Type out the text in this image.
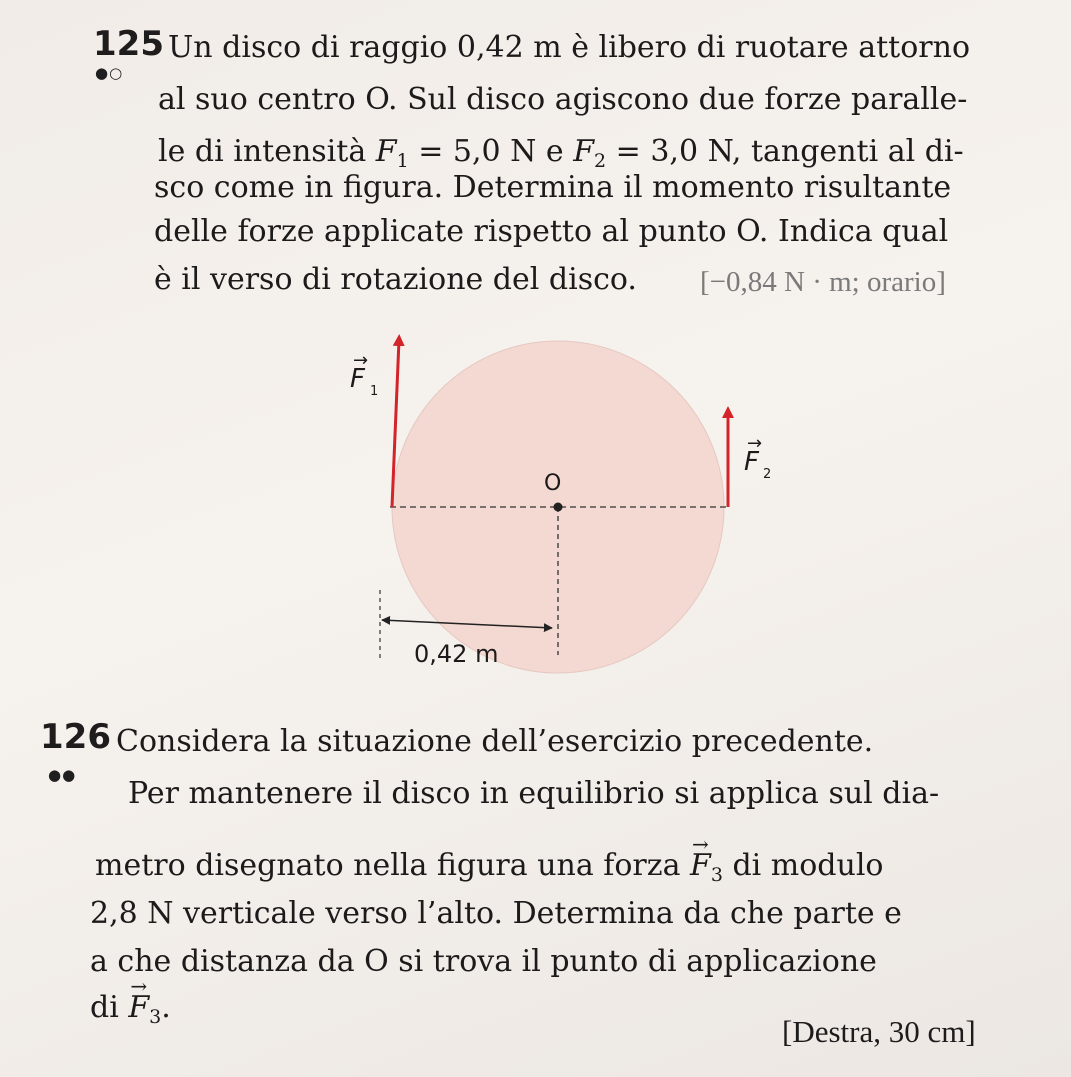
125
●○
Un disco di raggio 0,42 m è libero di ruotare attorno
al suo centro O. Sul disco agiscono due forze paralle-
le di intensità $F_1 = 5,0$ N e $F_2 = 3,0$ N, tangenti al di-
sco come in figura. Determina il momento risultante
delle forze applicate rispetto al punto O. Indica qual
è il verso di rotazione del disco. [−0,84 N · m; orario]
F
→
1
F
→
2
O
0,42 m
126
●●
Considera la situazione dell’esercizio precedente.
Per mantenere il disco in equilibrio si applica sul dia-
metro disegnato nella figura una forza → $F_3$ di modulo
2,8 N verticale verso l’alto. Determina da che parte e
a che distanza da O si trova il punto di applicazione
di → $F_3$.
[Destra, 30 cm]
